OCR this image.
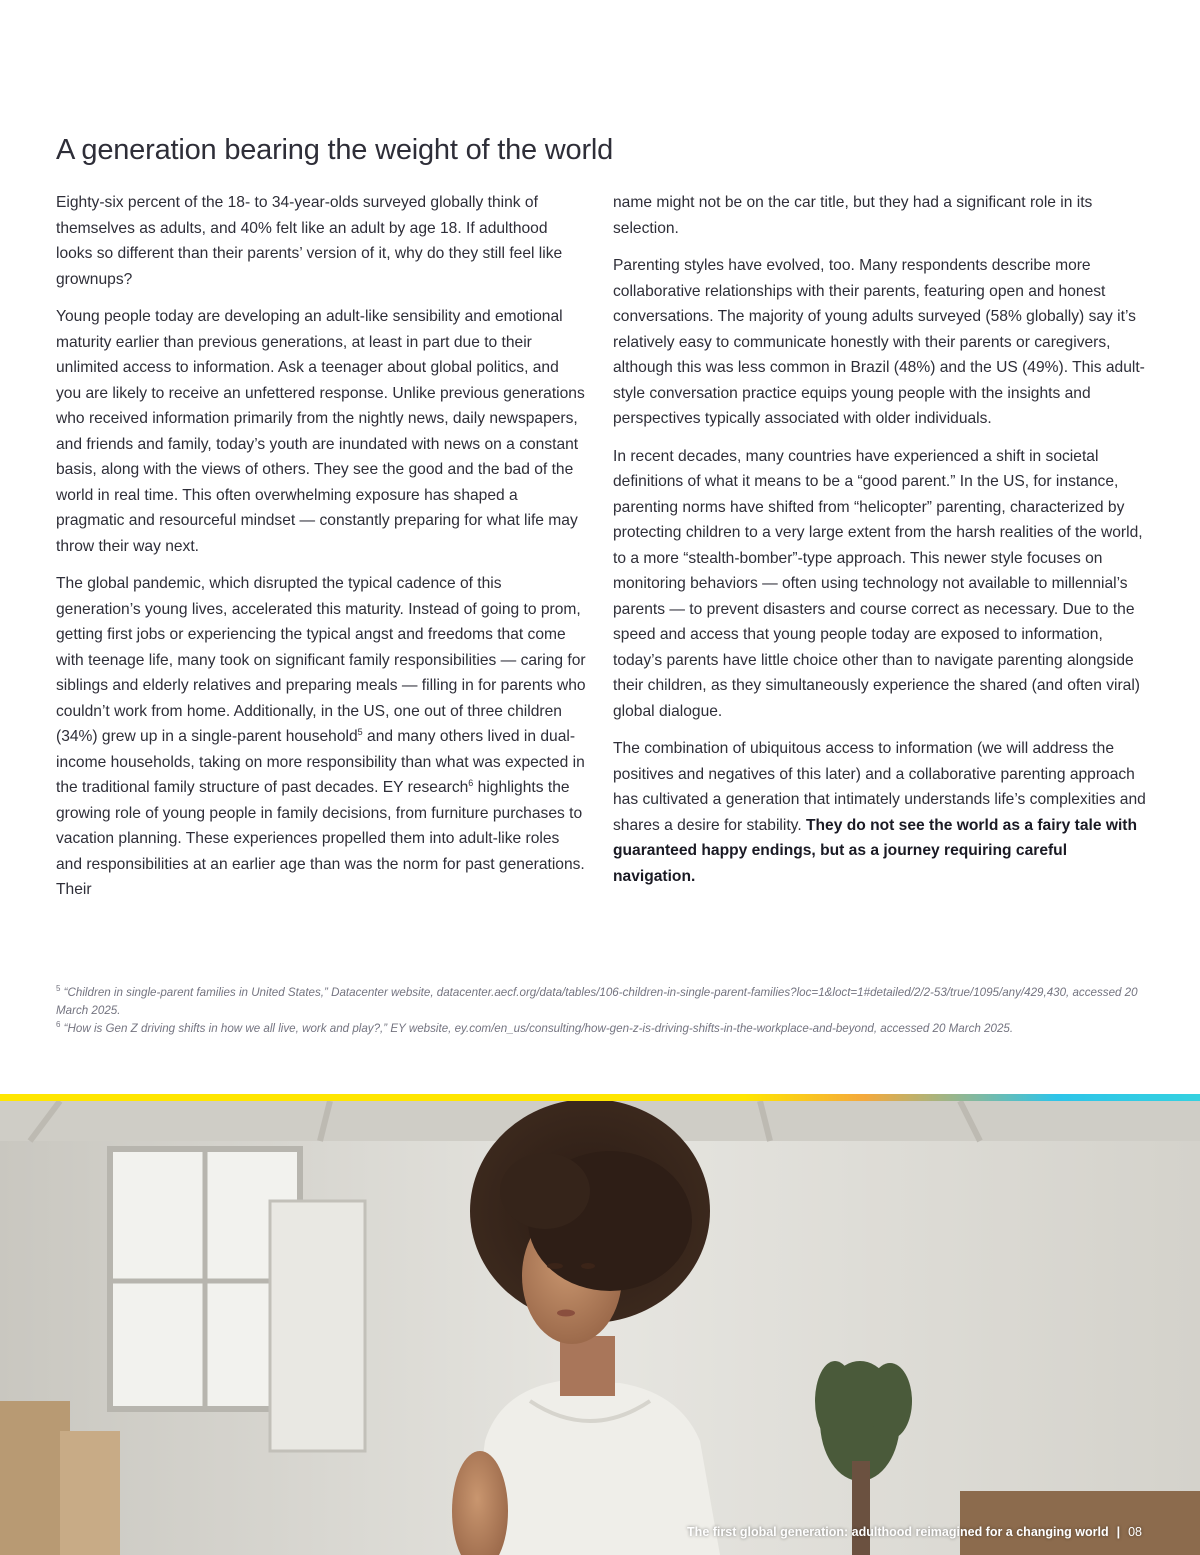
A generation bearing the weight of the world

Eighty-six percent of the 18- to 34-year-olds surveyed globally think of themselves as adults, and 40% felt like an adult by age 18. If adulthood looks so different than their parents’ version of it, why do they still feel like grownups?

Young people today are developing an adult-like sensibility and emotional maturity earlier than previous generations, at least in part due to their unlimited access to information. Ask a teenager about global politics, and you are likely to receive an unfettered response. Unlike previous generations who received information primarily from the nightly news, daily newspapers, and friends and family, today’s youth are inundated with news on a constant basis, along with the views of others. They see the good and the bad of the world in real time. This often overwhelming exposure has shaped a pragmatic and resourceful mindset — constantly preparing for what life may throw their way next.

The global pandemic, which disrupted the typical cadence of this generation’s young lives, accelerated this maturity. Instead of going to prom, getting first jobs or experiencing the typical angst and freedoms that come with teenage life, many took on significant family responsibilities — caring for siblings and elderly relatives and preparing meals — filling in for parents who couldn’t work from home. Additionally, in the US, one out of three children (34%) grew up in a single-parent household$^5$ and many others lived in dual-income households, taking on more responsibility than what was expected in the traditional family structure of past decades. EY research$^6$ highlights the growing role of young people in family decisions, from furniture purchases to vacation planning. These experiences propelled them into adult-like roles and responsibilities at an earlier age than was the norm for past generations. Their

name might not be on the car title, but they had a significant role in its selection.

Parenting styles have evolved, too. Many respondents describe more collaborative relationships with their parents, featuring open and honest conversations. The majority of young adults surveyed (58% globally) say it’s relatively easy to communicate honestly with their parents or caregivers, although this was less common in Brazil (48%) and the US (49%). This adult-style conversation practice equips young people with the insights and perspectives typically associated with older individuals.

In recent decades, many countries have experienced a shift in societal definitions of what it means to be a “good parent.” In the US, for instance, parenting norms have shifted from “helicopter” parenting, characterized by protecting children to a very large extent from the harsh realities of the world, to a more “stealth-bomber”-type approach. This newer style focuses on monitoring behaviors — often using technology not available to millennial’s parents — to prevent disasters and course correct as necessary. Due to the speed and access that young people today are exposed to information, today’s parents have little choice other than to navigate parenting alongside their children, as they simultaneously experience the shared (and often viral) global dialogue.

The combination of ubiquitous access to information (we will address the positives and negatives of this later) and a collaborative parenting approach has cultivated a generation that intimately understands life’s complexities and shares a desire for stability. They do not see the world as a fairy tale with guaranteed happy endings, but as a journey requiring careful navigation.

$^5$ “Children in single-parent families in United States,” Datacenter website, datacenter.aecf.org/data/tables/106-children-in-single-parent-families?loc=1&loct=1#detailed/2/2-53/true/1095/any/429,430, accessed 20 March 2025.

$^6$ “How is Gen Z driving shifts in how we all live, work and play?,” EY website, ey.com/en_us/consulting/how-gen-z-is-driving-shifts-in-the-workplace-and-beyond, accessed 20 March 2025.

The first global generation: adulthood reimagined for a changing world | 08
